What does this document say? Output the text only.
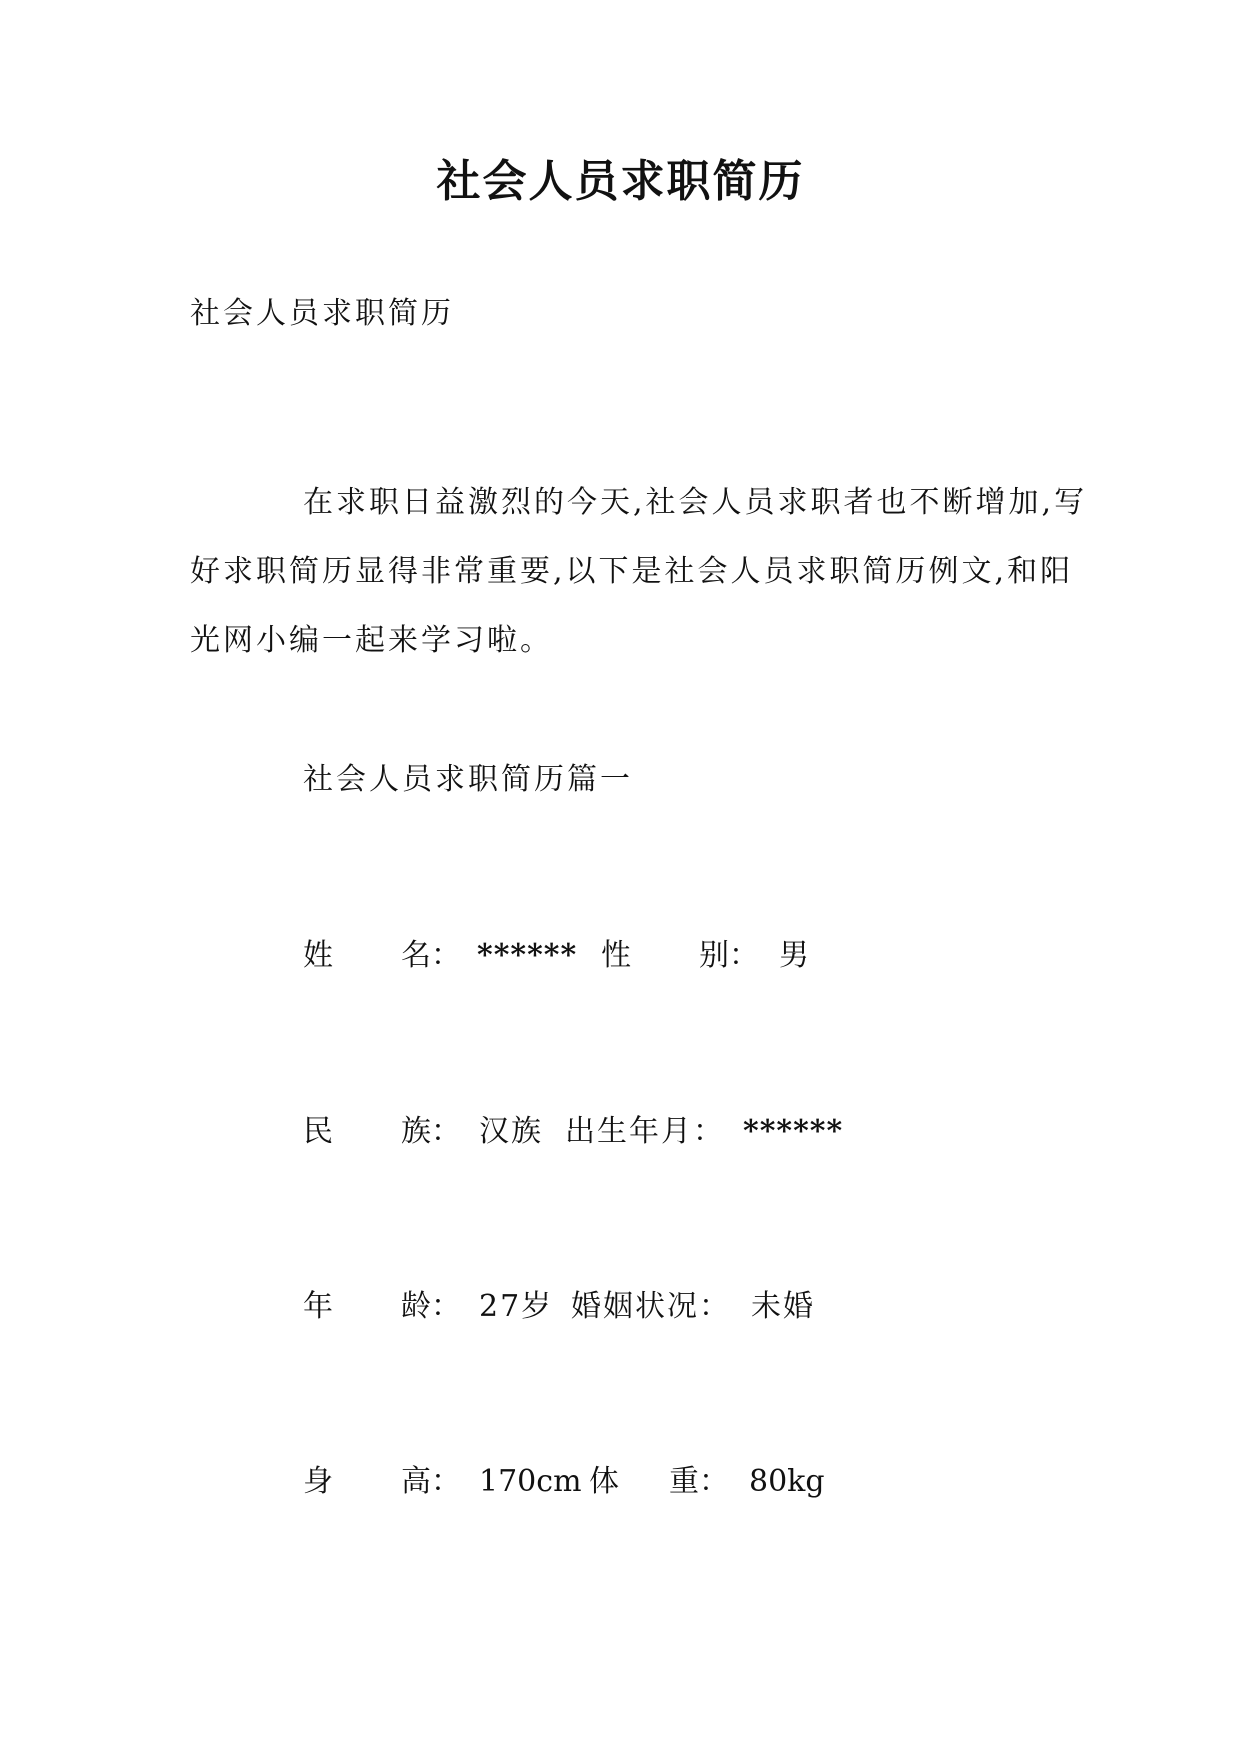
社会人员求职简历
社会人员求职简历

在求职日益激烈的今天,社会人员求职者也不断增加,写好求职简历显得非常重要,以下是社会人员求职简历例文,和阳光网小编一起来学习啦。

社会人员求职简历篇一
姓 名： ****** 性 别： 男
民 族： 汉族 出生年月： ******
年 龄： 27岁 婚姻状况： 未婚
身 高： 170cm 体 重： 80kg
